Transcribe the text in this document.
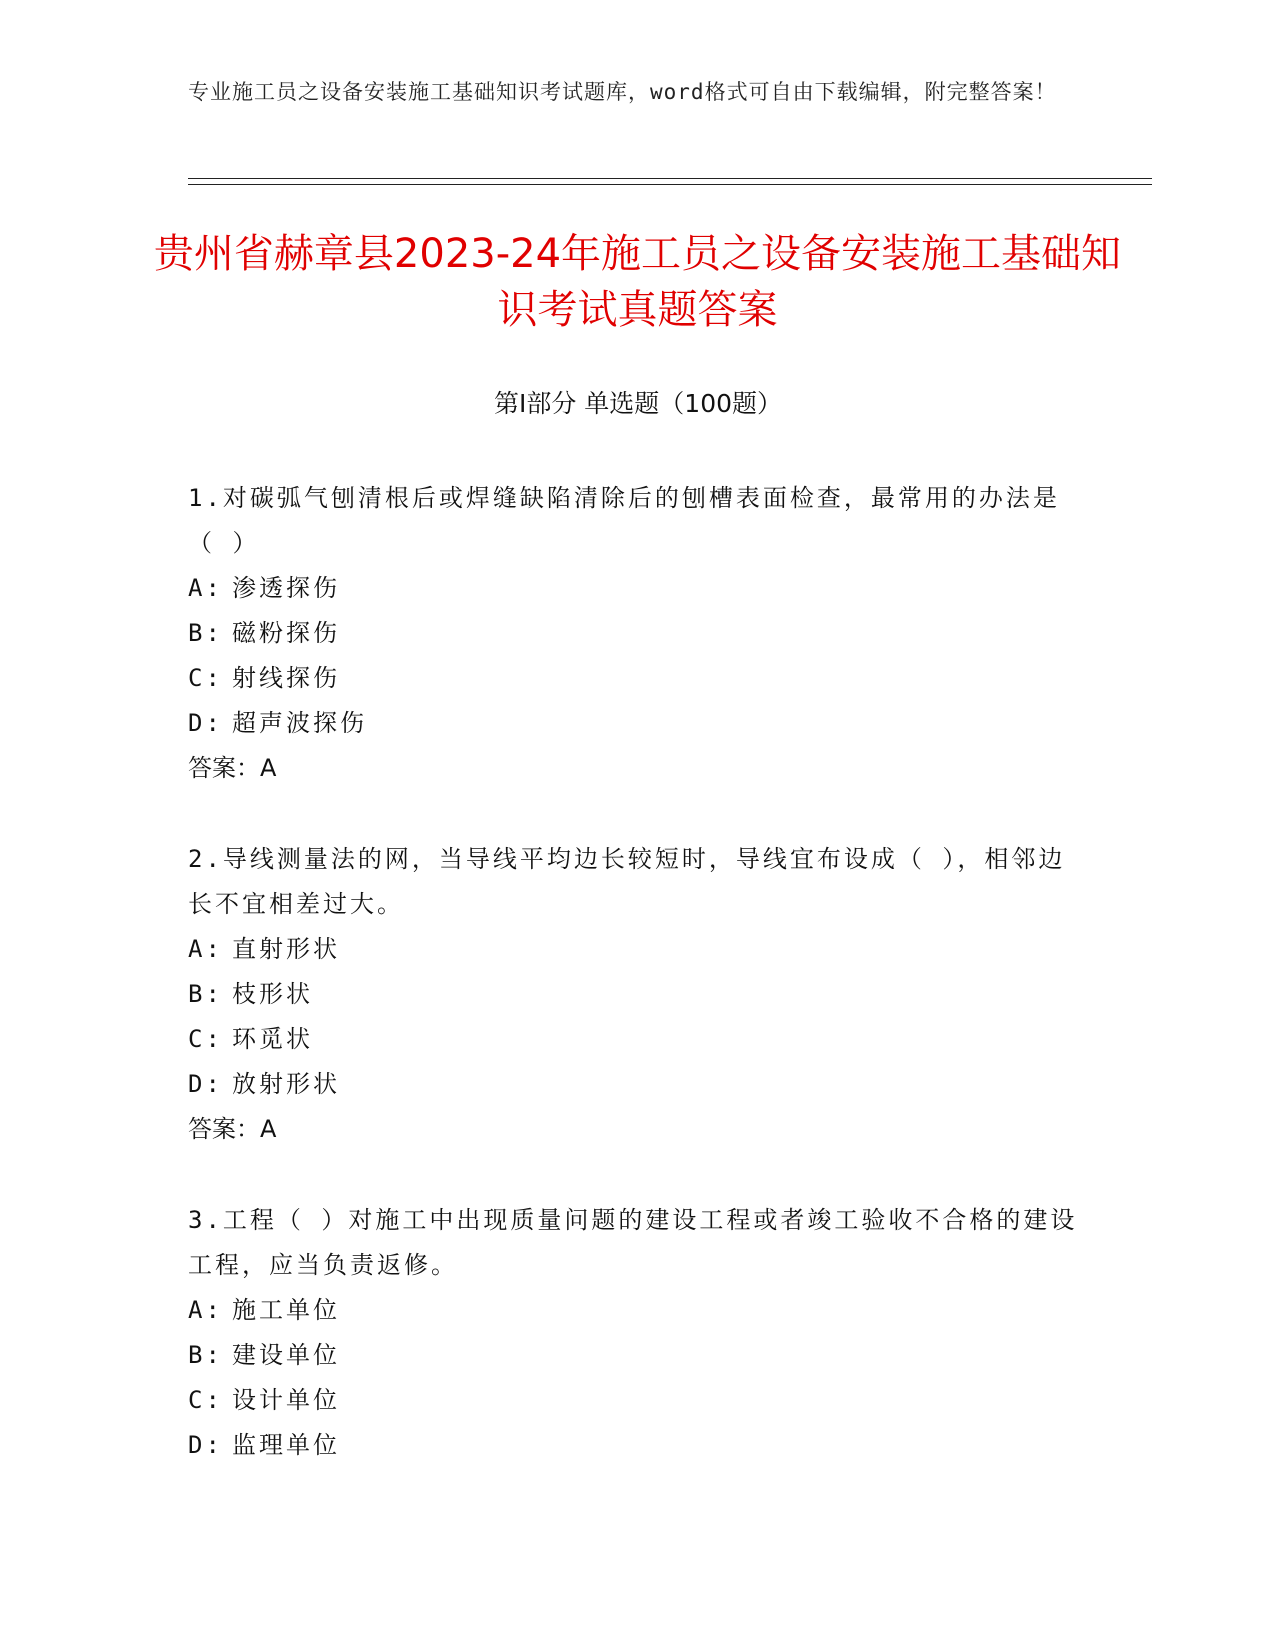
专业施工员之设备安装施工基础知识考试题库，word格式可自由下载编辑，附完整答案！
贵州省赫章县2023-24年施工员之设备安装施工基础知识考试真题答案
第Ⅰ部分 单选题（100题）
1.对碳弧气刨清根后或焊缝缺陷清除后的刨槽表面检查，最常用的办法是（ ）
A: 渗透探伤
B: 磁粉探伤
C: 射线探伤
D: 超声波探伤
答案：A
2.导线测量法的网，当导线平均边长较短时，导线宜布设成（ ），相邻边长不宜相差过大。
A: 直射形状
B: 枝形状
C: 环觅状
D: 放射形状
答案：A
3.工程（ ）对施工中出现质量问题的建设工程或者竣工验收不合格的建设工程，应当负责返修。
A: 施工单位
B: 建设单位
C: 设计单位
D: 监理单位
